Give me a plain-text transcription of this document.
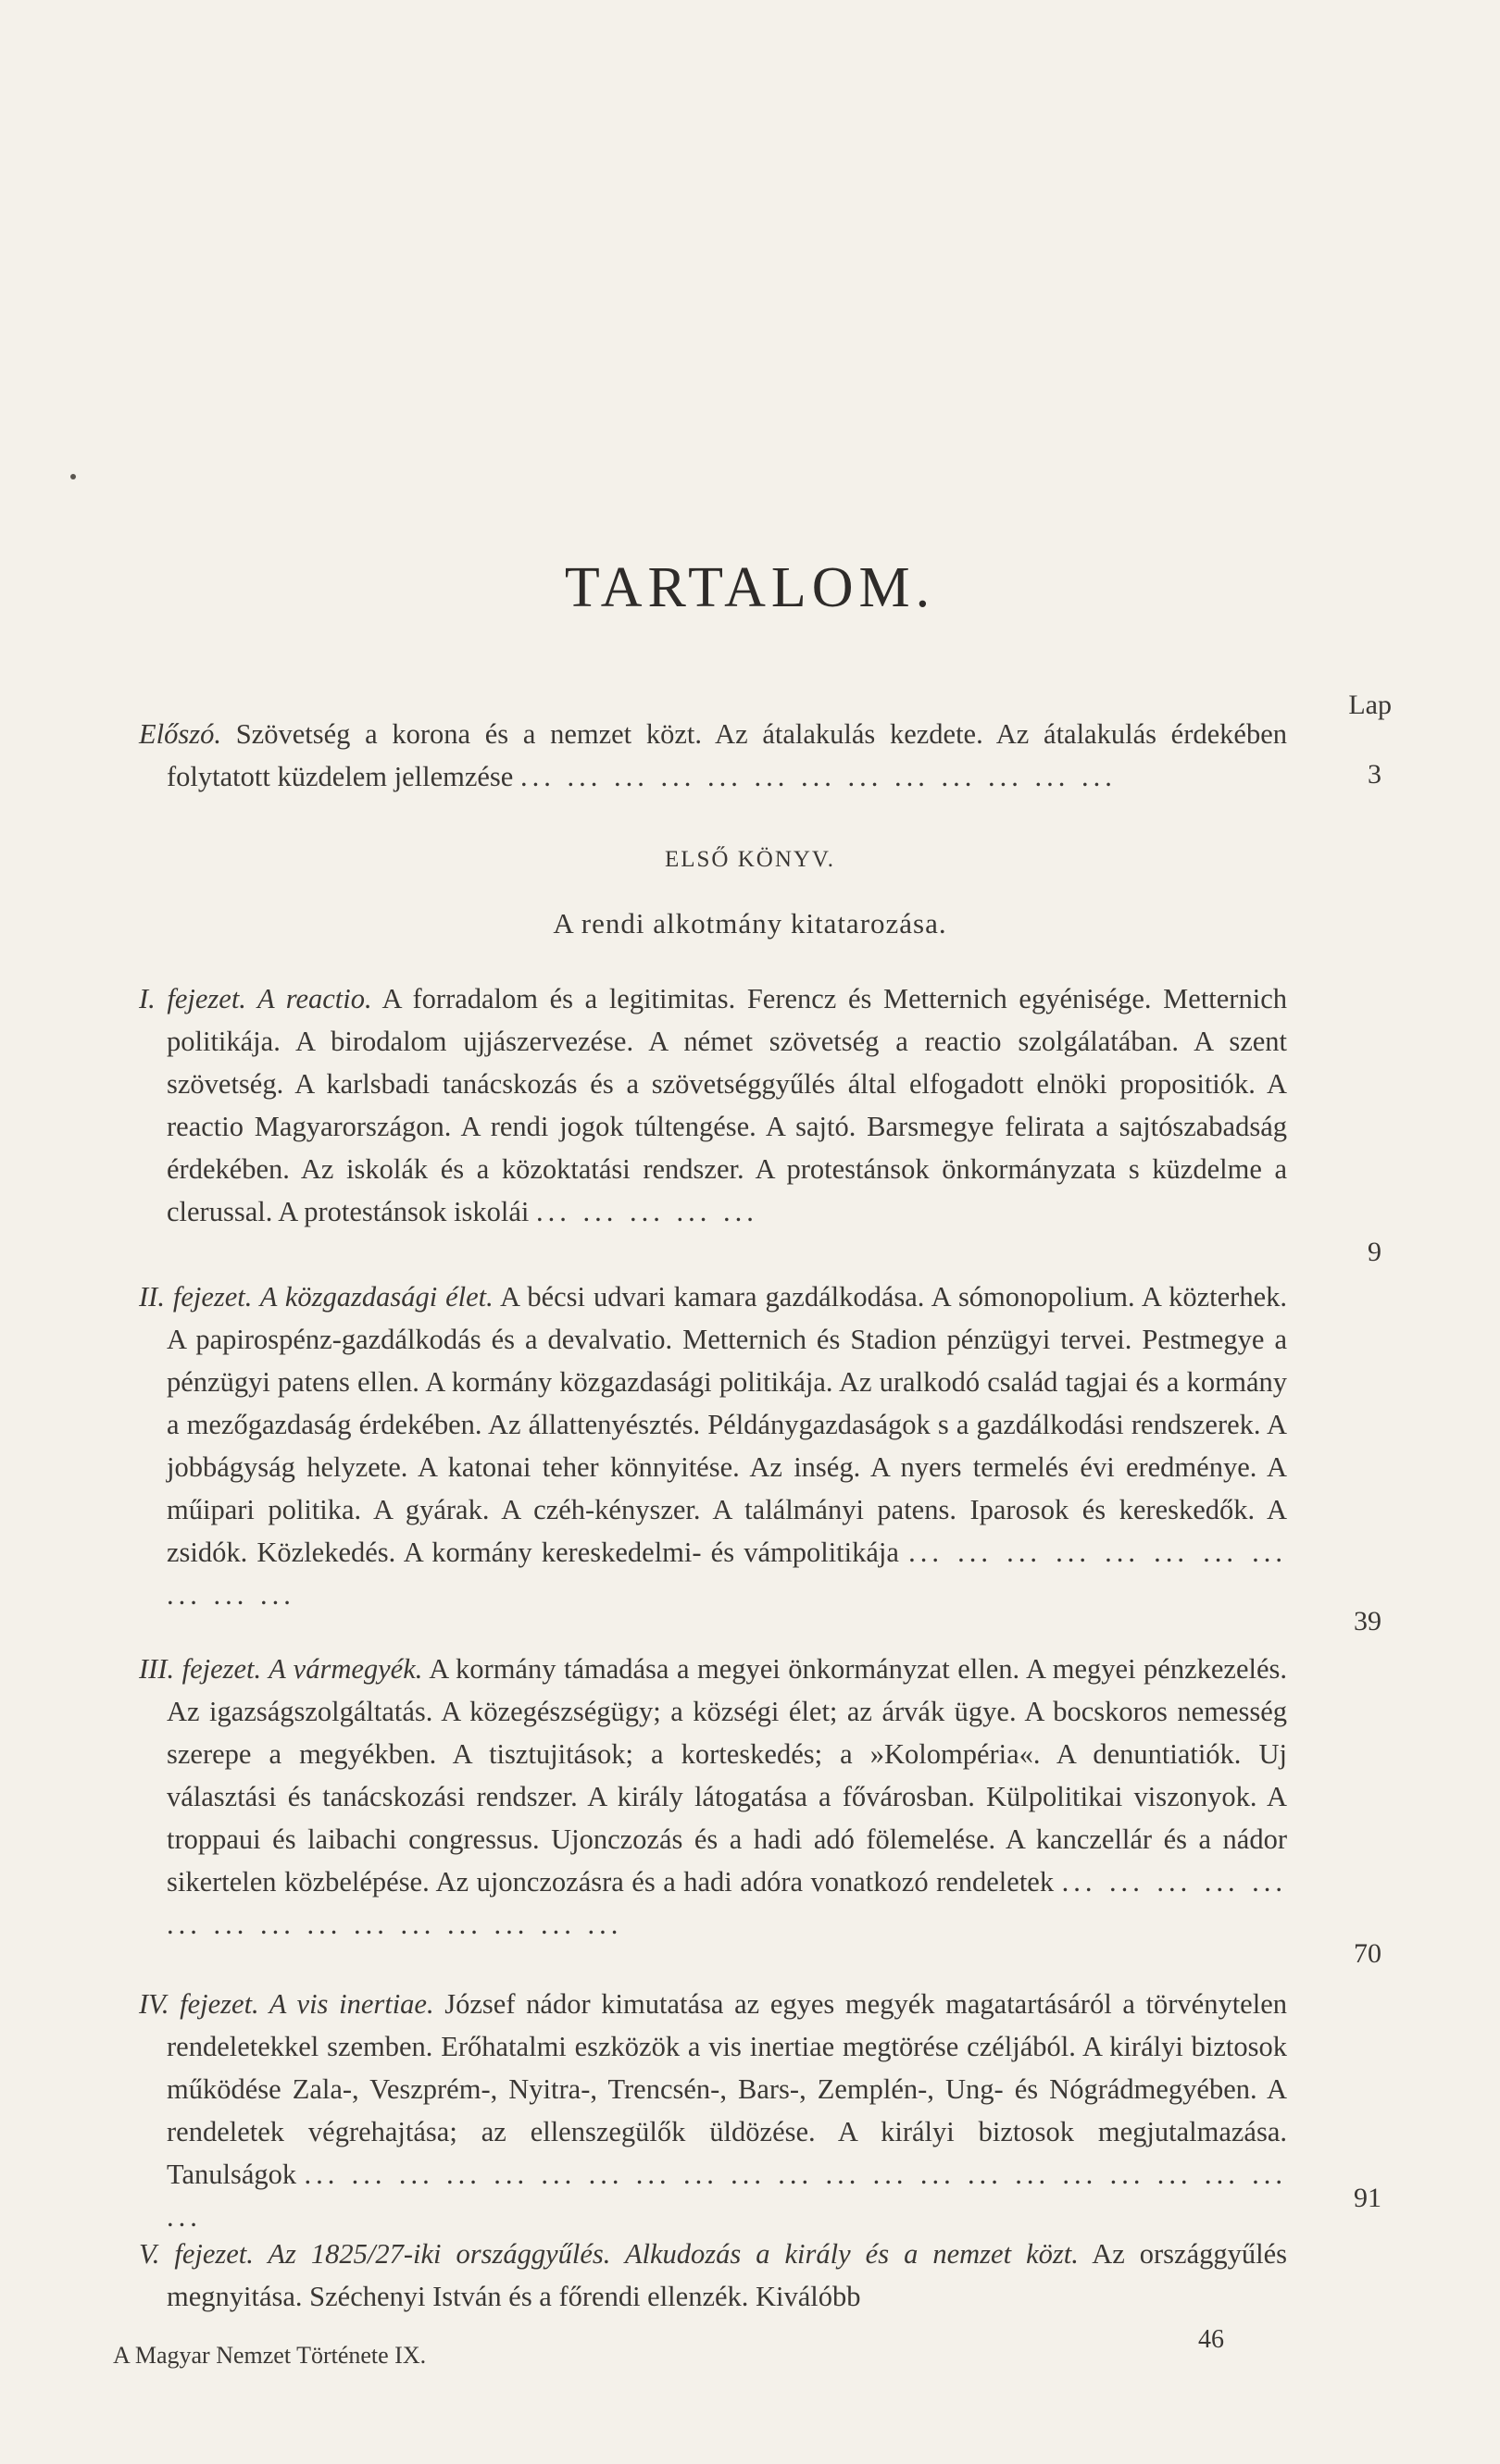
TARTALOM.
Lap

Előszó. Szövetség a korona és a nemzet közt. Az átalakulás kezdete. Az átalakulás érdekében folytatott küzdelem jellemzése ... ... ... ... ... ... ... ... ... ... ... ... ...	3
ELSŐ KÖNYV.
A rendi alkotmány kitatarozása.

I. fejezet. A reactio. A forradalom és a legitimitas. Ferencz és Metternich egyénisége. Metternich politikája. A birodalom ujjászervezése. A német szövetség a reactio szolgálatában. A szent szövetség. A karlsbadi tanácskozás és a szövetséggyűlés által elfogadott elnöki propositiók. A reactio Magyarországon. A rendi jogok túltengése. A sajtó. Barsmegye felirata a sajtószabadság érdekében. Az iskolák és a közoktatási rendszer. A protestánsok önkormányzata s küzdelme a clerussal. A protestánsok iskolái ... ... ... ... ...

9

II. fejezet. A közgazdasági élet. A bécsi udvari kamara gazdálkodása. A sómonopolium. A közterhek. A papirospénz-gazdálkodás és a devalvatio. Metternich és Stadion pénzügyi tervei. Pestmegye a pénzügyi patens ellen. A kormány közgazdasági politikája. Az uralkodó család tagjai és a kormány a mezőgazdaság érdekében. Az állattenyésztés. Példánygazdaságok s a gazdálkodási rendszerek. A jobbágyság helyzete. A katonai teher könnyitése. Az inség. A nyers termelés évi eredménye. A műipari politika. A gyárak. A czéh-kényszer. A találmányi patens. Iparosok és kereskedők. A zsidók. Közlekedés. A kormány kereskedelmi- és vámpolitikája ... ... ... ... ... ... ... ... ... ... ...

39

III. fejezet. A vármegyék. A kormány támadása a megyei önkormányzat ellen. A megyei pénzkezelés. Az igazságszolgáltatás. A közegészségügy; a községi élet; az árvák ügye. A bocskoros nemesség szerepe a megyékben. A tisztujitások; a korteskedés; a »Kolompéria«. A denuntiatiók. Uj választási és tanácskozási rendszer. A király látogatása a fővárosban. Külpolitikai viszonyok. A troppaui és laibachi congressus. Ujonczozás és a hadi adó fölemelése. A kanczellár és a nádor sikertelen közbelépése. Az ujonczozásra és a hadi adóra vonatkozó rendeletek ... ... ... ... ... ... ... ... ... ... ... ... ... ... ...

70

IV. fejezet. A vis inertiae. József nádor kimutatása az egyes megyék magatartásáról a törvénytelen rendeletekkel szemben. Erőhatalmi eszközök a vis inertiae megtörése czéljából. A királyi biztosok működése Zala-, Veszprém-, Nyitra-, Trencsén-, Bars-, Zemplén-, Ung- és Nógrádmegyében. A rendeletek végrehajtása; az ellenszegülők üldözése. A királyi biztosok megjutalmazása. Tanulságok ... ... ... ... ... ... ... ... ... ... ... ... ... ... ... ... ... ... ... ... ... ...

91

V. fejezet. Az 1825/27-iki országgyűlés. Alkudozás a király és a nemzet közt. Az országgyűlés megnyitása. Széchenyi István és a főrendi ellenzék. Kiválóbb

A Magyar Nemzet Története IX.
46
